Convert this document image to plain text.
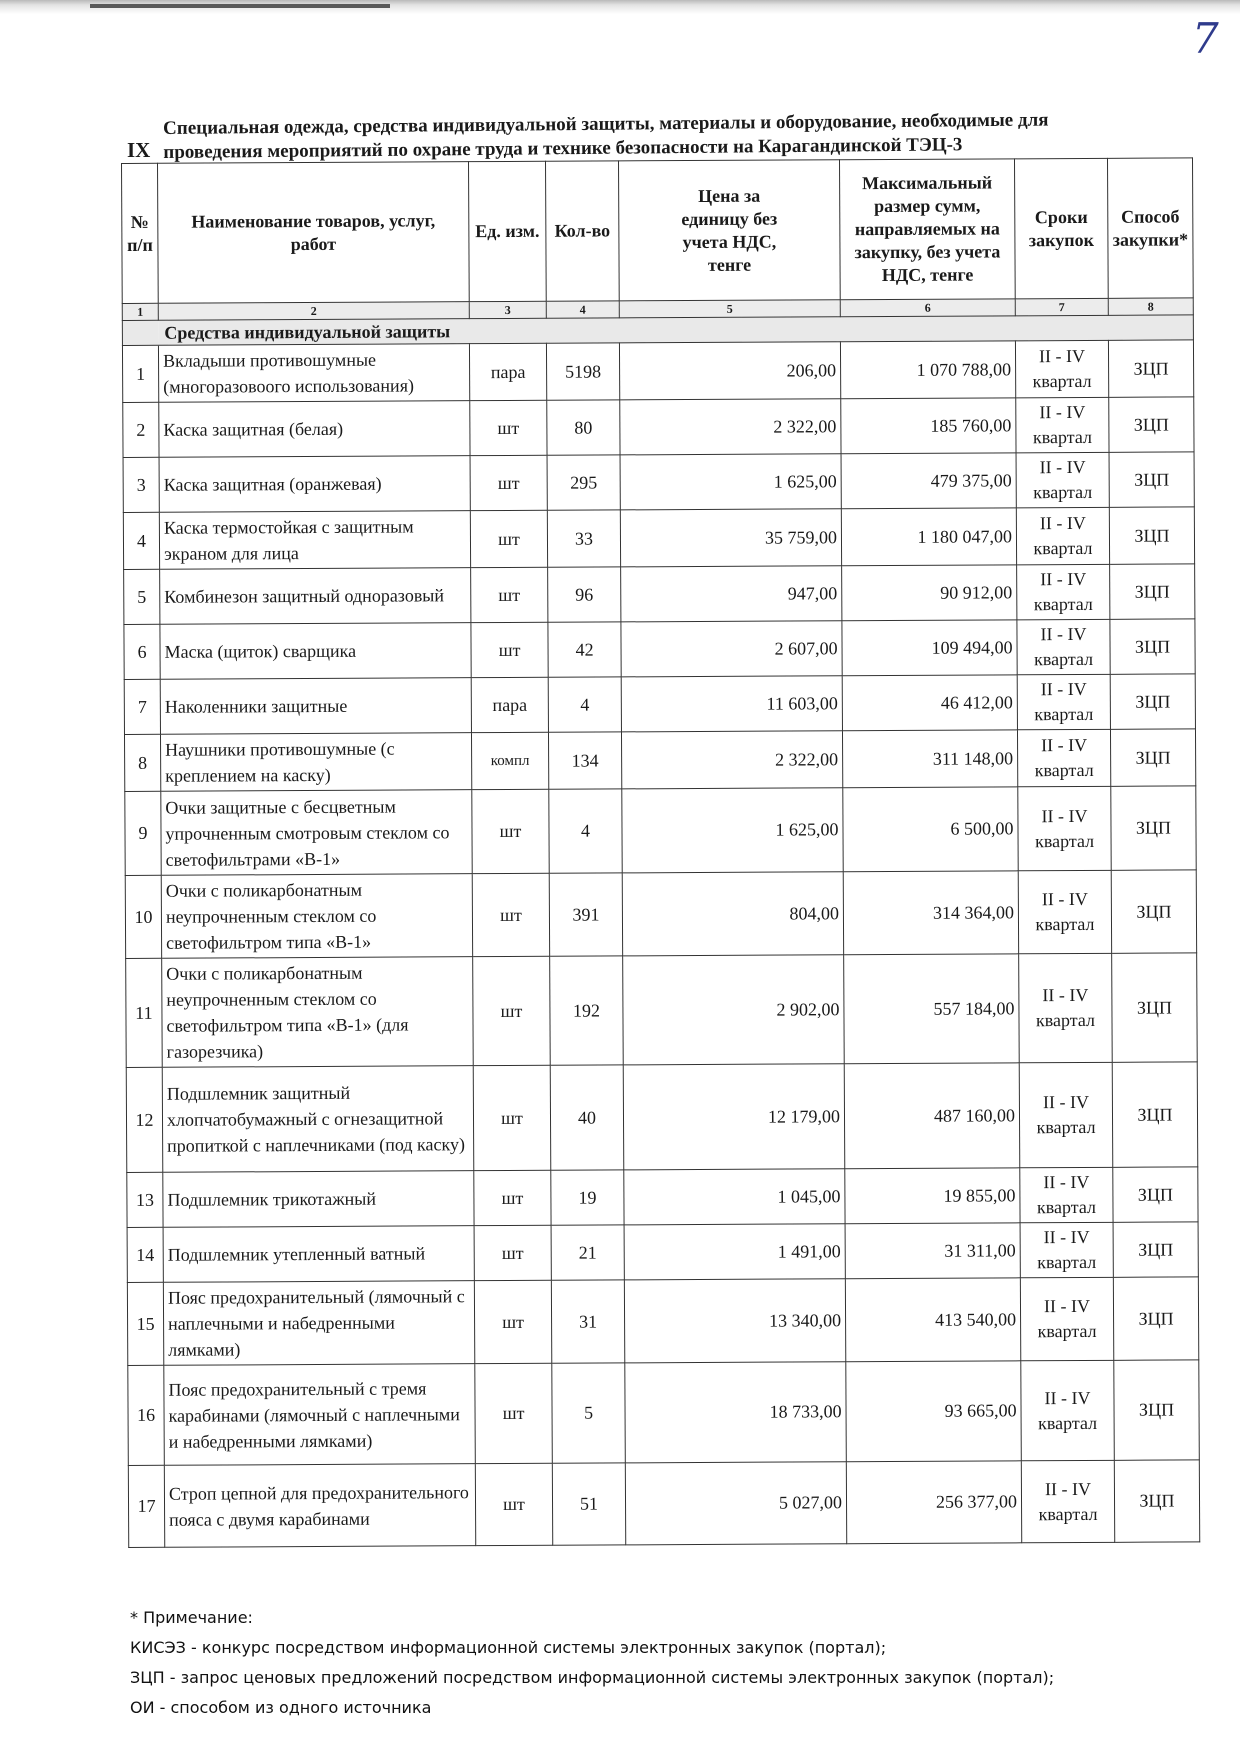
7
IX
Специальная одежда, средства индивидуальной защиты, материалы и оборудование, необходимые для проведения мероприятий по охране труда и технике безопасности на Карагандинской ТЭЦ-3
№ п/п	Наименование товаров, услуг, работ	Ед. изм.	Кол-во	Цена за единицу без учета НДС, тенге	Максимальный размер сумм, направляемых на закупку, без учета НДС, тенге	Сроки закупок	Способ закупки*
1	2	3	4	5	6	7	8
	Средства индивидуальной защиты						
1	Вкладыши противошумные (многоразовоого использования)	пара	5198	206,00	1 070 788,00	II - IV квартал	ЗЦП
2	Каска защитная (белая)	шт	80	2 322,00	185 760,00	II - IV квартал	ЗЦП
3	Каска защитная (оранжевая)	шт	295	1 625,00	479 375,00	II - IV квартал	ЗЦП
4	Каска термостойкая с защитным экраном для лица	шт	33	35 759,00	1 180 047,00	II - IV квартал	ЗЦП
5	Комбинезон защитный одноразовый	шт	96	947,00	90 912,00	II - IV квартал	ЗЦП
6	Маска (щиток) сварщика	шт	42	2 607,00	109 494,00	II - IV квартал	ЗЦП
7	Наколенники защитные	пара	4	11 603,00	46 412,00	II - IV квартал	ЗЦП
8	Наушники противошумные (с креплением на каску)	компл	134	2 322,00	311 148,00	II - IV квартал	ЗЦП
9	Очки защитные с бесцветным упрочненным смотровым стеклом со светофильтрами «В-1»	шт	4	1 625,00	6 500,00	II - IV квартал	ЗЦП
10	Очки с поликарбонатным неупрочненным стеклом со светофильтром типа «В-1»	шт	391	804,00	314 364,00	II - IV квартал	ЗЦП
11	Очки с поликарбонатным неупрочненным стеклом со светофильтром типа «В-1» (для газорезчика)	шт	192	2 902,00	557 184,00	II - IV квартал	ЗЦП
12	Подшлемник защитный хлопчатобумажный с огнезащитной пропиткой с наплечниками (под каску)	шт	40	12 179,00	487 160,00	II - IV квартал	ЗЦП
13	Подшлемник трикотажный	шт	19	1 045,00	19 855,00	II - IV квартал	ЗЦП
14	Подшлемник утепленный ватный	шт	21	1 491,00	31 311,00	II - IV квартал	ЗЦП
15	Пояс предохранительный (лямочный с наплечными и набедренными лямками)	шт	31	13 340,00	413 540,00	II - IV квартал	ЗЦП
16	Пояс предохранительный с тремя карабинами (лямочный с наплечными и набедренными лямками)	шт	5	18 733,00	93 665,00	II - IV квартал	ЗЦП
17	Строп цепной для предохранительного пояса с двумя карабинами	шт	51	5 027,00	256 377,00	II - IV квартал	ЗЦП
* Примечание:
КИСЭЗ - конкурс посредством информационной системы электронных закупок (портал);
ЗЦП - запрос ценовых предложений посредством информационной системы электронных закупок (портал);
ОИ - способом из одного источника
